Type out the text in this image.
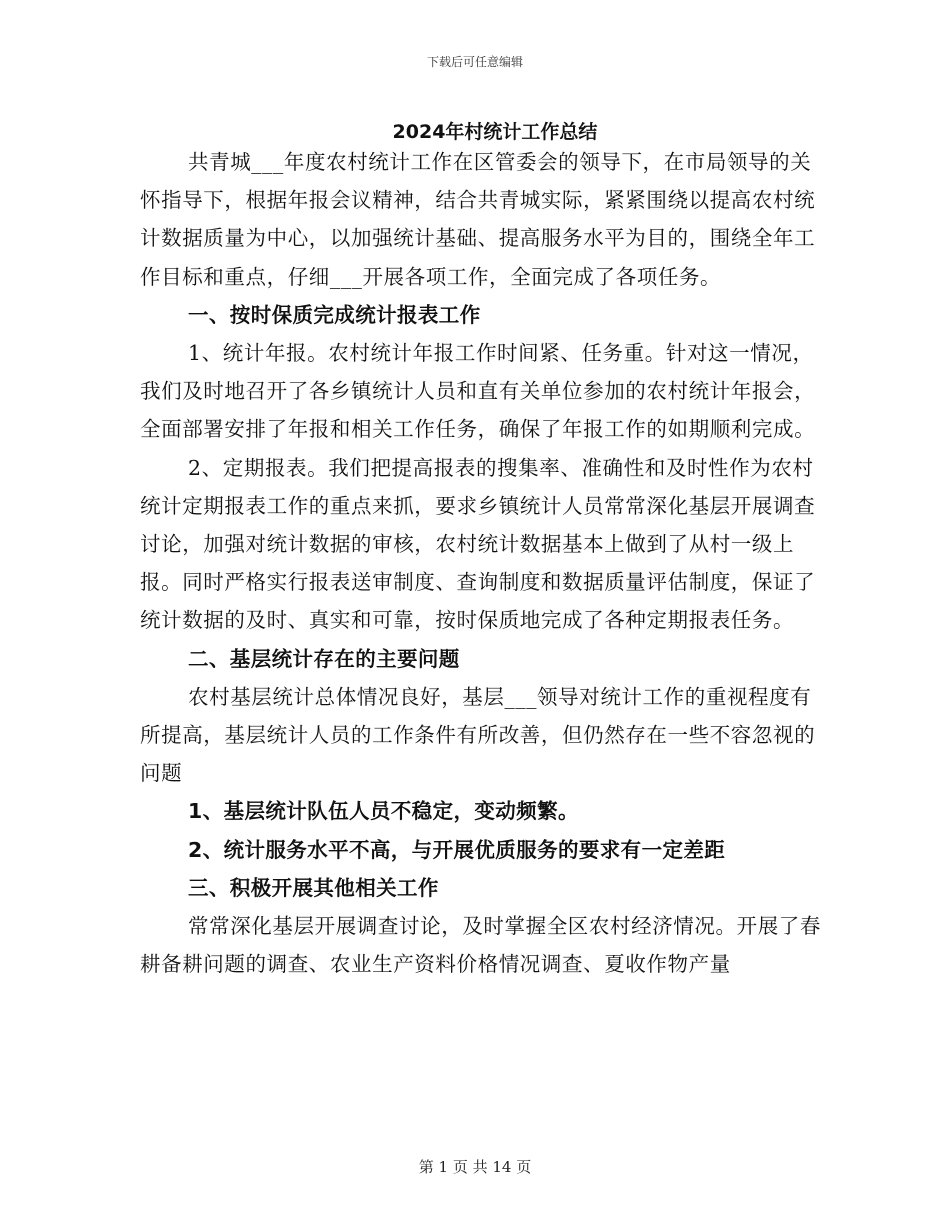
下载后可任意编辑
2024年村统计工作总结

共青城___年度农村统计工作在区管委会的领导下，在市局领导的关怀指导下，根据年报会议精神，结合共青城实际，紧紧围绕以提高农村统计数据质量为中心，以加强统计基础、提高服务水平为目的，围绕全年工作目标和重点，仔细___开展各项工作，全面完成了各项任务。

一、按时保质完成统计报表工作

1、统计年报。农村统计年报工作时间紧、任务重。针对这一情况，我们及时地召开了各乡镇统计人员和直有关单位参加的农村统计年报会，全面部署安排了年报和相关工作任务，确保了年报工作的如期顺利完成。

2、定期报表。我们把提高报表的搜集率、准确性和及时性作为农村统计定期报表工作的重点来抓，要求乡镇统计人员常常深化基层开展调查讨论，加强对统计数据的审核，农村统计数据基本上做到了从村一级上报。同时严格实行报表送审制度、查询制度和数据质量评估制度，保证了统计数据的及时、真实和可靠，按时保质地完成了各种定期报表任务。

二、基层统计存在的主要问题

农村基层统计总体情况良好，基层___领导对统计工作的重视程度有所提高，基层统计人员的工作条件有所改善，但仍然存在一些不容忽视的问题

1、基层统计队伍人员不稳定，变动频繁。

2、统计服务水平不高，与开展优质服务的要求有一定差距

三、积极开展其他相关工作

常常深化基层开展调查讨论，及时掌握全区农村经济情况。开展了春耕备耕问题的调查、农业生产资料价格情况调查、夏收作物产量

第 1 页 共 14 页
